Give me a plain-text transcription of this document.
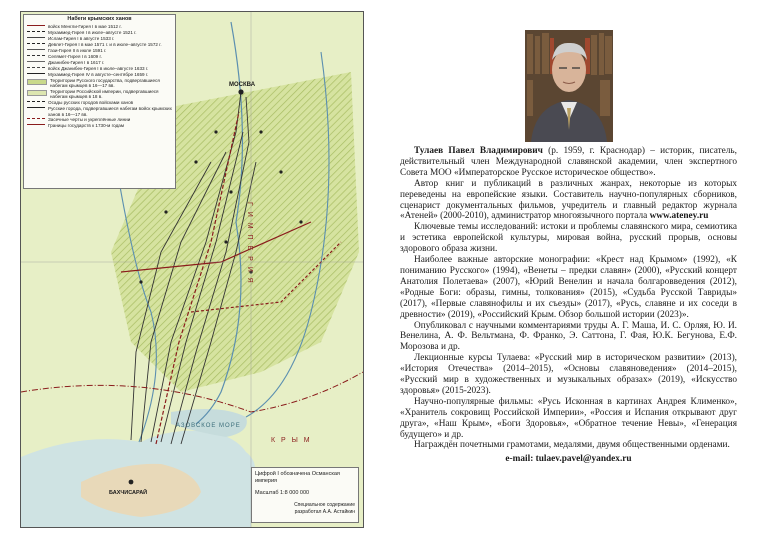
Набеги крымских ханов
войск Менгли-Гирея I в мае 1512 г.
Мухаммед-Гирея I в июле–августе 1521 г.
Ислам-Гирея I в августе 1533 г.
Девлет-Гирея I в мае 1571 г. и в июле–августе 1572 г.
Гази-Гирея II в июле 1591 г.
Селямет-Гирея I в 1609 г.
Джанибек-Гирея I в 1617 г.
войск Джанибек-Гирея I в июле–августе 1633 г.
Мухаммед-Гирея IV в августе–сентябре 1659 г.
Территории Русского государства, подвергавшиеся набегам крымцев в 16—17 вв.
Территории Российской империи, подвергавшиеся набегам крымцев в 18 в.
Осады русских городов войсками ханов
Русские города, подвергавшиеся набегам войск крымских ханов в 16—17 вв.
Засечные черты и укреплённые линии
Границы государств к 1730-м годам
МОСКВА
Г И М П Е Р И Я
АЗОВСКОЕ МОРЕ
БАХЧИСАРАЙ
К Р Ы М
Цифрой I обозначена Османская империя
Масштаб 1:8 000 000
Специальное содержание
разработал А.А. Астайкин

Тулаев Павел Владимирович (р. 1959, г. Краснодар) – историк, писатель, действительный член Международной славянской академии, член экспертного Совета МОО «Императорское Русское историческое общество».

Автор книг и публикаций в различных жанрах, некоторые из которых переведены на европейские языки. Составитель научно-популярных сборников, сценарист документальных фильмов, учредитель и главный редактор журнала «Атеней» (2000-2010), администратор многоязычного портала www.ateney.ru

Ключевые темы исследований: истоки и проблемы славянского мира, семиотика и эстетика европейской культуры, мировая война, русский прорыв, основы здорового образа жизни.

Наиболее важные авторские монографии: «Крест над Крымом» (1992), «К пониманию Русского» (1994), «Венеты – предки славян» (2000), «Русский концерт Анатолия Полетаева» (2007), «Юрий Венелин и начала болгаровведения (2012), «Родные Боги: образы, гимны, толкования» (2015), «Судьба Русской Тавриды» (2017), «Первые славянофилы и их съезды» (2017), «Русь, славяне и их соседи в древности» (2019), «Российский Крым. Обзор большой истории (2023)».

Опубликовал с научными комментариями труды А. Г. Маша, И. С. Орляя, Ю. И. Венелина, А. Ф. Вельтмана, Ф. Франко, Э. Саттона, Г. Фая, Ю.К. Бегунова, Е.Ф. Морозова и др.

Лекционные курсы Тулаева: «Русский мир в историческом развитии» (2013), «История Отечества» (2014–2015), «Основы славяноведения» (2014–2015), «Русский мир в художественных и музыкальных образах» (2019), «Искусство здоровья» (2015-2023).

Научно-популярные фильмы: «Русь Исконная в картинах Андрея Клименко», «Хранитель сокровищ Российской Империи», «Россия и Испания открывают друг друга», «Наш Крым», «Боги Здоровья», «Обратное течение Невы», «Генерация будущего» и др.

Награждён почетными грамотами, медалями, двумя общественными орденами.

e-mail: tulaev.pavel@yandex.ru
